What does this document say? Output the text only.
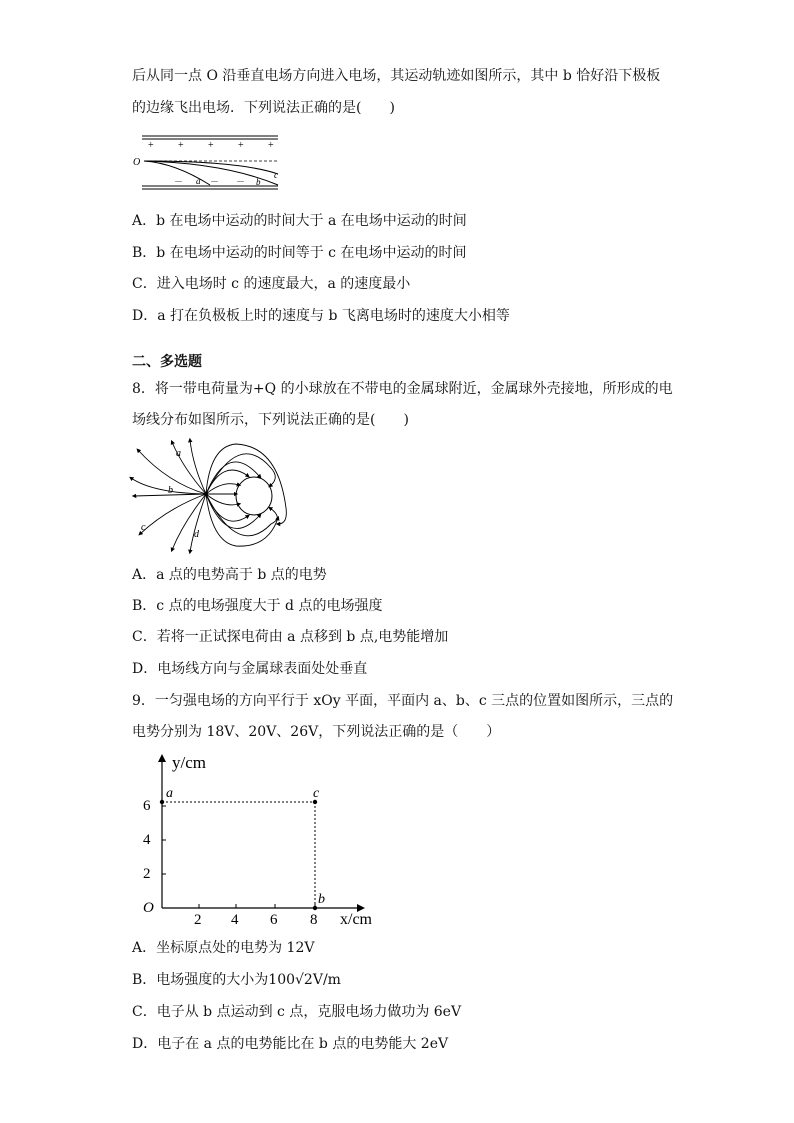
后从同一点 O 沿垂直电场方向进入电场，其运动轨迹如图所示，其中 b 恰好沿下极板
的边缘飞出电场．下列说法正确的是(　　)
+ + + + +
－	－ －
O
a	b
c
A．b 在电场中运动的时间大于 a 在电场中运动的时间
B．b 在电场中运动的时间等于 c 在电场中运动的时间
C．进入电场时 c 的速度最大，a 的速度最小
D．a 打在负极板上时的速度与 b 飞离电场时的速度大小相等
二、多选题
8．将一带电荷量为+Q 的小球放在不带电的金属球附近，金属球外壳接地，所形成的电
场线分布如图所示，下列说法正确的是(　　)
a
b
c
d
A．a 点的电势高于 b 点的电势
B．c 点的电场强度大于 d 点的电场强度
C．若将一正试探电荷由 a 点移到 b 点,电势能增加
D．电场线方向与金属球表面处处垂直
9．一匀强电场的方向平行于 xOy 平面，平面内 a、b、c 三点的位置如图所示，三点的
电势分别为 18V、20V、26V，下列说法正确的是（　　）
y/cm
x/cm
O
2
4
6
2 4 6 8
a	c
b
A．坐标原点处的电势为 12V
B．电场强度的大小为100√2V/m
C．电子从 b 点运动到 c 点，克服电场力做功为 6eV
D．电子在 a 点的电势能比在 b 点的电势能大 2eV
